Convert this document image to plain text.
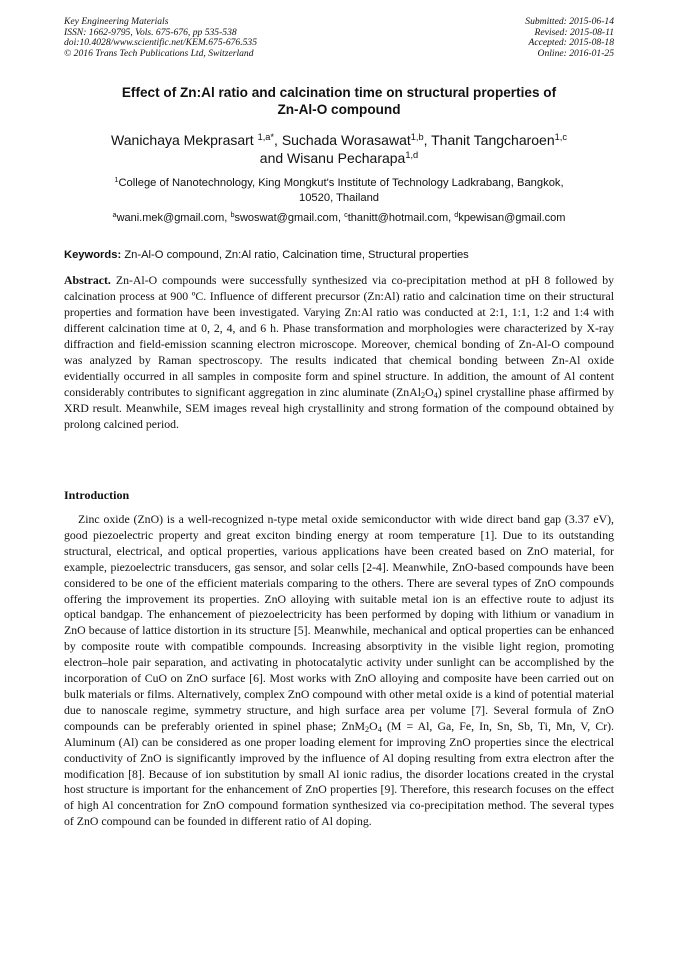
Key Engineering Materials
ISSN: 1662-9795, Vols. 675-676, pp 535-538
doi:10.4028/www.scientific.net/KEM.675-676.535
© 2016 Trans Tech Publications Ltd, Switzerland
Submitted: 2015-06-14
Revised: 2015-08-11
Accepted: 2015-08-18
Online: 2016-01-25
Effect of Zn:Al ratio and calcination time on structural properties of
Zn-Al-O compound
Wanichaya Mekprasart $^{1,a*}$, Suchada Worasawat$^{1,b}$, Thanit Tangcharoen$^{1,c}$
and Wisanu Pecharapa$^{1,d}$
$^1$College of Nanotechnology, King Mongkut's Institute of Technology Ladkrabang, Bangkok,
10520, Thailand
$^a$wani.mek@gmail.com, $^b$swoswat@gmail.com, $^c$thanitt@hotmail.com, $^d$kpewisan@gmail.com
Keywords: Zn-Al-O compound, Zn:Al ratio, Calcination time, Structural properties
Abstract. Zn-Al-O compounds were successfully synthesized via co-precipitation method at pH 8 followed by calcination process at 900 ºC. Influence of different precursor (Zn:Al) ratio and calcination time on their structural properties and formation have been investigated. Varying Zn:Al ratio was conducted at 2:1, 1:1, 1:2 and 1:4 with different calcination time at 0, 2, 4, and 6 h. Phase transformation and morphologies were characterized by X-ray diffraction and field-emission scanning electron microscope. Moreover, chemical bonding of Zn-Al-O compound was analyzed by Raman spectroscopy. The results indicated that chemical bonding between Zn-Al oxide evidentially occurred in all samples in composite form and spinel structure. In addition, the amount of Al content considerably contributes to significant aggregation in zinc aluminate $(ZnAl_2O_4)$ spinel crystalline phase affirmed by XRD result. Meanwhile, SEM images reveal high crystallinity and strong formation of the compound obtained by prolong calcined period.
Introduction
Zinc oxide (ZnO) is a well-recognized n-type metal oxide semiconductor with wide direct band gap (3.37 eV), good piezoelectric property and great exciton binding energy at room temperature [1]. Due to its outstanding structural, electrical, and optical properties, various applications have been created based on ZnO material, for example, piezoelectric transducers, gas sensor, and solar cells [2-4]. Meanwhile, ZnO-based compounds have been considered to be one of the efficient materials comparing to the others. There are several types of ZnO compounds offering the improvement its properties. ZnO alloying with suitable metal ion is an effective route to adjust its optical bandgap. The enhancement of piezoelectricity has been performed by doping with lithium or vanadium in ZnO because of lattice distortion in its structure [5]. Meanwhile, mechanical and optical properties can be enhanced by composite route with compatible compounds. Increasing absorptivity in the visible light region, promoting electron–hole pair separation, and activating in photocatalytic activity under sunlight can be accomplished by the incorporation of CuO on ZnO surface [6]. Most works with ZnO alloying and composite have been carried out on bulk materials or films. Alternatively, complex ZnO compound with other metal oxide is a kind of potential material due to nanoscale regime, symmetry structure, and high surface area per volume [7]. Several formula of ZnO compounds can be preferably oriented in spinel phase; $ZnM_2O_4$ (M = Al, Ga, Fe, In, Sn, Sb, Ti, Mn, V, Cr). Aluminum (Al) can be considered as one proper loading element for improving ZnO properties since the electrical conductivity of ZnO is significantly improved by the influence of Al doping resulting from extra electron after the modification [8]. Because of ion substitution by small Al ionic radius, the disorder locations created in the crystal host structure is important for the enhancement of ZnO properties [9]. Therefore, this research focuses on the effect of high Al concentration for ZnO compound formation synthesized via co-precipitation method. The several types of ZnO compound can be founded in different ratio of Al doping.
